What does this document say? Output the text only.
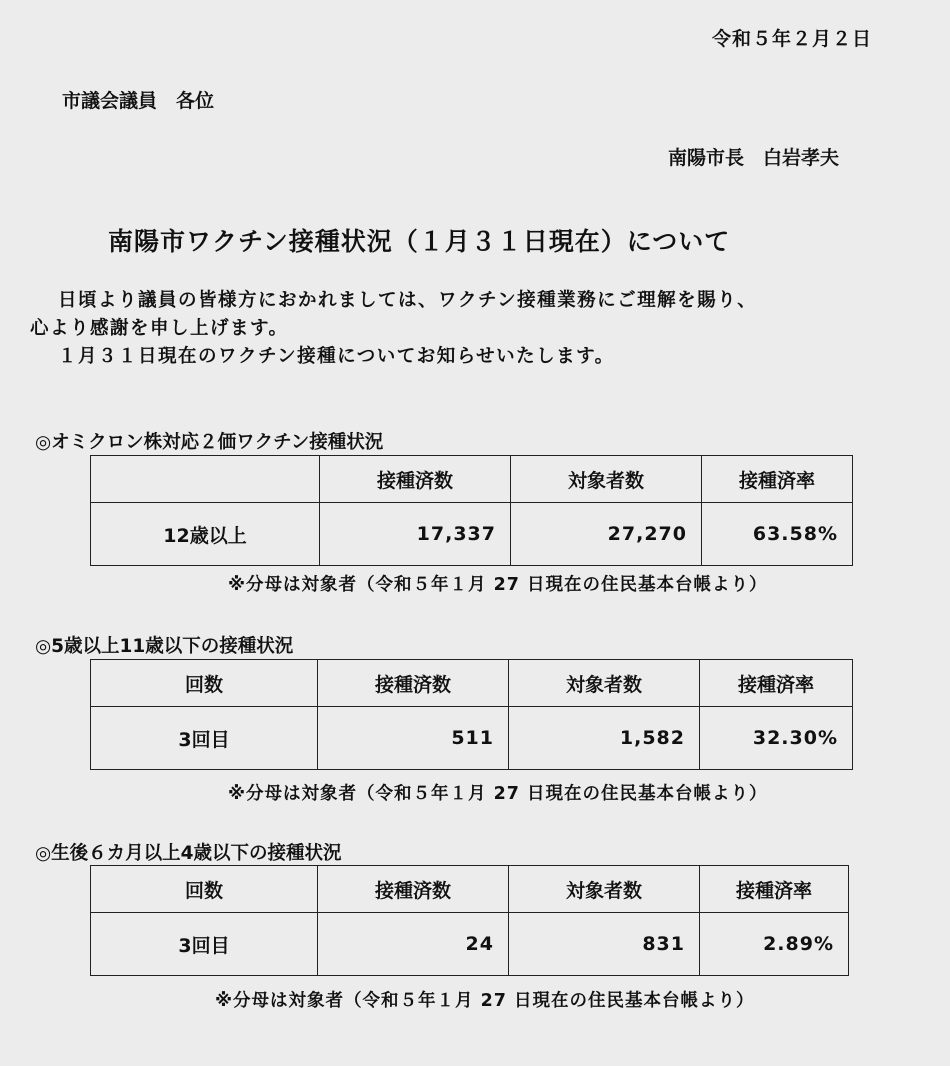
令和５年２月２日
市議会議員　各位
南陽市長　白岩孝夫
南陽市ワクチン接種状況（１月３１日現在）について
日頃より議員の皆様方におかれましては、ワクチン接種業務にご理解を賜り、
心より感謝を申し上げます。
１月３１日現在のワクチン接種についてお知らせいたします。
◎オミクロン株対応２価ワクチン接種状況
	接種済数	対象者数	接種済率
12歳以上	17,337	27,270	63.58%
※分母は対象者（令和５年１月 27 日現在の住民基本台帳より）
◎5歳以上11歳以下の接種状況
回数	接種済数	対象者数	接種済率
3回目	511	1,582	32.30%
※分母は対象者（令和５年１月 27 日現在の住民基本台帳より）
◎生後６カ月以上4歳以下の接種状況
回数	接種済数	対象者数	接種済率
3回目	24	831	2.89%
※分母は対象者（令和５年１月 27 日現在の住民基本台帳より）
